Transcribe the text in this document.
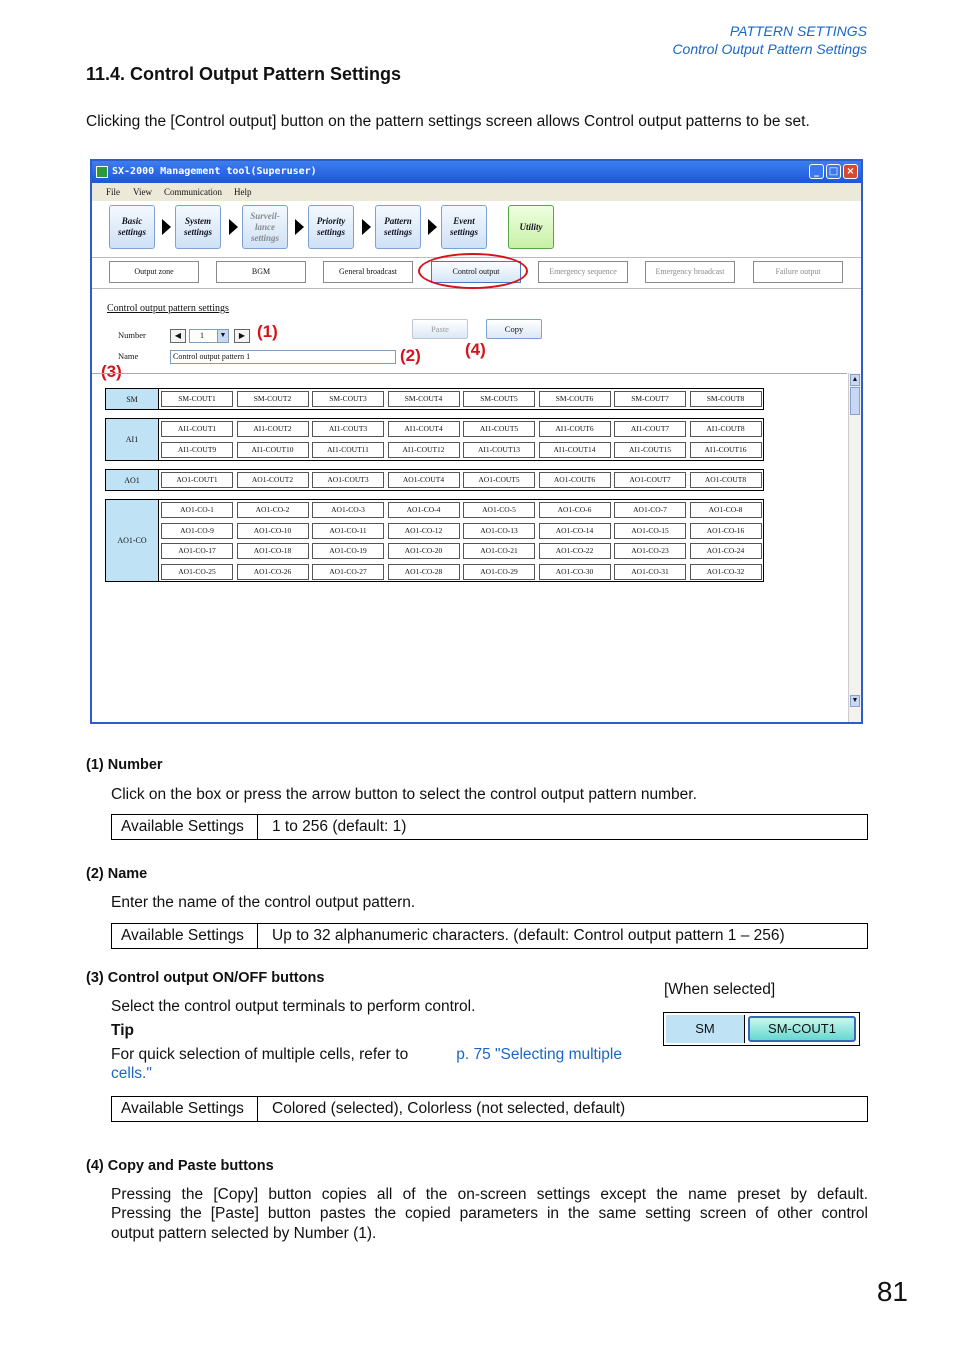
PATTERN SETTINGS
Control Output Pattern Settings
11.4. Control Output Pattern Settings
Clicking the [Control output] button on the pattern settings screen allows Control output patterns to be set.
SX-2000 Management tool(Superuser)	_ □ ×
File View Communication Help
Basic
settings
System
settings
Surveil-
lance
settings
Priority
settings
Pattern
settings
Event
settings
Utility
Output zone	BGM	General broadcast	Control output	Emergency sequence	Emergency broadcast	Failure output
Control output pattern settings
Number	◀	1	▼	▶ (1)
Name	Control output pattern 1	(2)
Paste	Copy
(4)
(3)
SM	SM-COUT1	SM-COUT2	SM-COUT3	SM-COUT4	SM-COUT5	SM-COUT6	SM-COUT7	SM-COUT8
AI1
AI1-COUT1	AI1-COUT2	AI1-COUT3	AI1-COUT4	AI1-COUT5	AI1-COUT6	AI1-COUT7	AI1-COUT8
AI1-COUT9	AI1-COUT10	AI1-COUT11	AI1-COUT12	AI1-COUT13	AI1-COUT14	AI1-COUT15	AI1-COUT16
AO1	AO1-COUT1	AO1-COUT2	AO1-COUT3	AO1-COUT4	AO1-COUT5	AO1-COUT6	AO1-COUT7	AO1-COUT8
AO1-CO
AO1-CO-1	AO1-CO-2	AO1-CO-3	AO1-CO-4	AO1-CO-5	AO1-CO-6	AO1-CO-7	AO1-CO-8
AO1-CO-9	AO1-CO-10	AO1-CO-11	AO1-CO-12	AO1-CO-13	AO1-CO-14	AO1-CO-15	AO1-CO-16
AO1-CO-17	AO1-CO-18	AO1-CO-19	AO1-CO-20	AO1-CO-21	AO1-CO-22	AO1-CO-23	AO1-CO-24
AO1-CO-25	AO1-CO-26	AO1-CO-27	AO1-CO-28	AO1-CO-29	AO1-CO-30	AO1-CO-31	AO1-CO-32
▲
▼
(1) Number
Click on the box or press the arrow button to select the control output pattern number.
Available Settings	1 to 256 (default: 1)
(2) Name
Enter the name of the control output pattern.
Available Settings	Up to 32 alphanumeric characters. (default: Control output pattern 1 – 256)
(3) Control output ON/OFF buttons
Select the control output terminals to perform control.
Tip
For quick selection of multiple cells, refer to	p. 75 "Selecting multiple
cells."
[When selected]
SM	SM-COUT1
Available Settings	Colored (selected), Colorless (not selected, default)
(4) Copy and Paste buttons
Pressing the [Copy] button copies all of the on-screen settings except the name preset by default.
Pressing the [Paste] button pastes the copied parameters in the same setting screen of other control
output pattern selected by Number (1).
81
